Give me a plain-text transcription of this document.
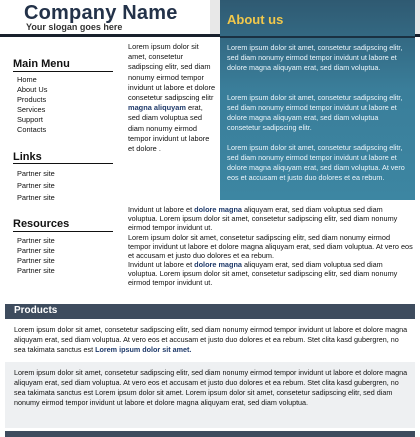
Company Name
Your slogan goes here	About us
Lorem ipsum dolor sit amet, consetetur sadipscing elitr, sed diam nonumy eirmod tempor invidunt ut labore et dolore magna aliquyam erat, sed diam voluptua.
Lorem ipsum dolor sit amet, consetetur sadipscing elitr, sed diam nonumy eirmod tempor invidunt ut labore et dolore magna aliquyam erat, sed diam voluptua consetetur sadipscing elitr.
Lorem ipsum dolor sit amet, consetetur sadipscing elitr, sed diam nonumy eirmod tempor invidunt ut labore et dolore magna aliquyam erat, sed diam voluptua. At vero eos et accusam et justo duo dolores et ea rebum.
Main Menu
Home
About Us
Products
Services
Support
Contacts
Links
Partner site
Partner site
Partner site
Resources
Partner site
Partner site
Partner site
Partner site
Lorem ipsum dolor sit amet, consetetur sadipscing elitr, sed diam nonumy eirmod tempor invidunt ut labore et dolore consetetur sadipscing elitr magna aliquyam erat, sed diam voluptua sed diam nonumy eirmod tempor invidunt ut labore et dolore .
Invidunt ut labore et dolore magna aliquyam erat, sed diam voluptua sed diam voluptua. Lorem ipsum dolor sit amet, consetetur sadipscing elitr, sed diam nonumy eirmod tempor invidunt ut.
Lorem ipsum dolor sit amet, consetetur sadipscing elitr, sed diam nonumy eirmod tempor invidunt ut labore et dolore magna aliquyam erat, sed diam voluptua. At vero eos et accusam et justo duo dolores et ea rebum.
Invidunt ut labore et dolore magna aliquyam erat, sed diam voluptua sed diam voluptua. Lorem ipsum dolor sit amet, consetetur sadipscing elitr, sed diam nonumy eirmod tempor invidunt ut.
Products
Lorem ipsum dolor sit amet, consetetur sadipscing elitr, sed diam nonumy eirmod tempor invidunt ut labore et dolore magna aliquyam erat, sed diam voluptua. At vero eos et accusam et justo duo dolores et ea rebum. Stet clita kasd gubergren, no sea takimata sanctus est Lorem ipsum dolor sit amet.
Lorem ipsum dolor sit amet, consetetur sadipscing elitr, sed diam nonumy eirmod tempor invidunt ut labore et dolore magna aliquyam erat, sed diam voluptua. At vero eos et accusam et justo duo dolores et ea rebum. Stet clita kasd gubergren, no sea takimata sanctus est Lorem ipsum dolor sit amet. Lorem ipsum dolor sit amet, consetetur sadipscing elitr, sed diam nonumy eirmod tempor invidunt ut labore et dolore magna aliquyam erat, sed diam voluptua.
